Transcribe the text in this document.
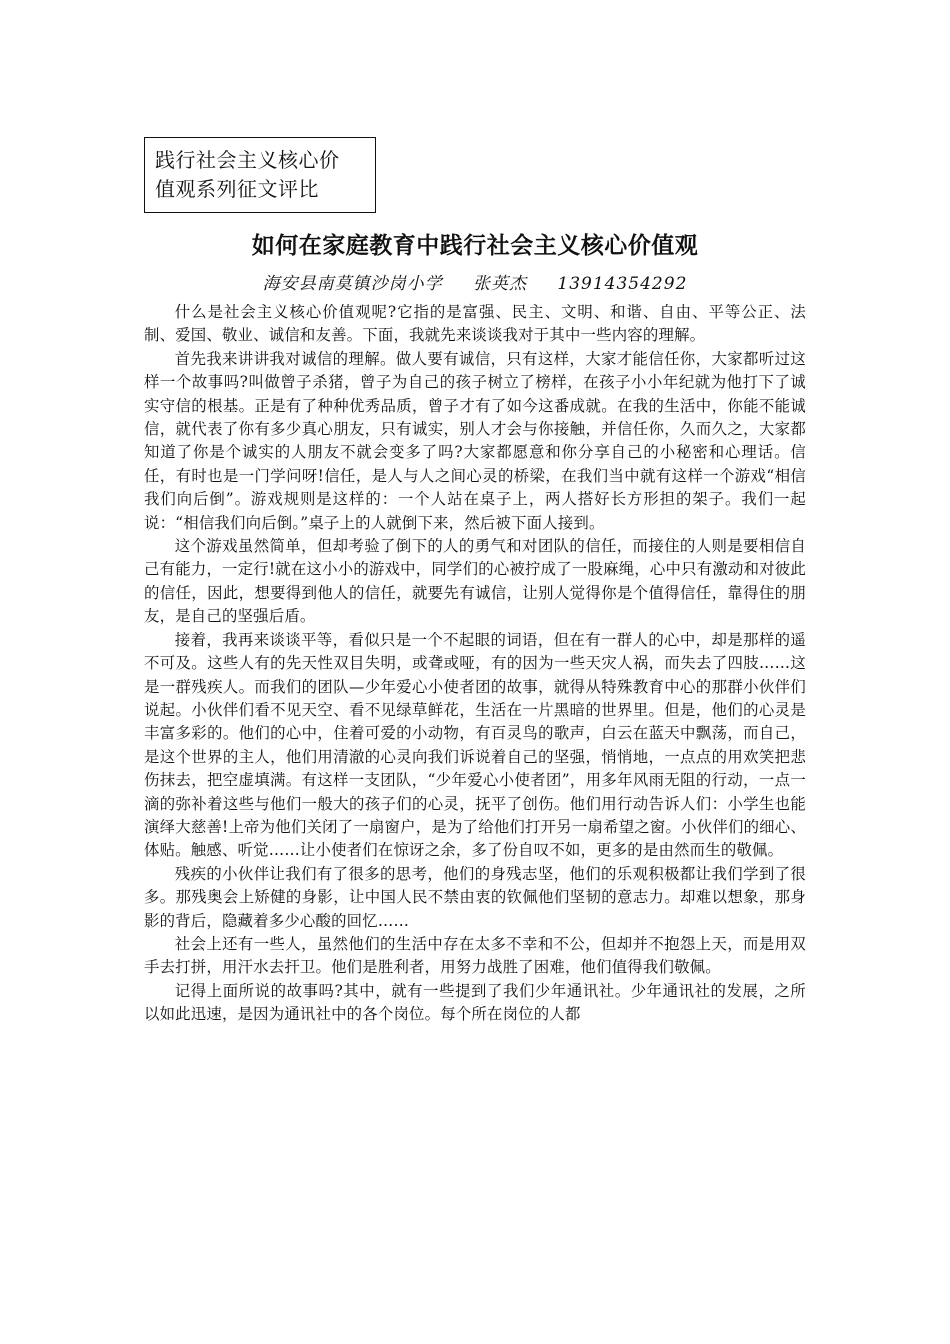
践行社会主义核心价
值观系列征文评比
如何在家庭教育中践行社会主义核心价值观
海安县南莫镇沙岗小学 张英杰 13914354292

什么是社会主义核心价值观呢?它指的是富强、民主、文明、和谐、自由、平等公正、法制、爱国、敬业、诚信和友善。下面，我就先来谈谈我对于其中一些内容的理解。

首先我来讲讲我对诚信的理解。做人要有诚信，只有这样，大家才能信任你，大家都听过这样一个故事吗?叫做曾子杀猪，曾子为自己的孩子树立了榜样，在孩子小小年纪就为他打下了诚实守信的根基。正是有了种种优秀品质，曾子才有了如今这番成就。在我的生活中，你能不能诚信，就代表了你有多少真心朋友，只有诚实，别人才会与你接触，并信任你，久而久之，大家都知道了你是个诚实的人朋友不就会变多了吗?大家都愿意和你分享自己的小秘密和心理话。信任，有时也是一门学问呀!信任，是人与人之间心灵的桥梁，在我们当中就有这样一个游戏“相信我们向后倒”。游戏规则是这样的：一个人站在桌子上，两人搭好长方形担的架子。我们一起说：“相信我们向后倒。”桌子上的人就倒下来，然后被下面人接到。

这个游戏虽然简单，但却考验了倒下的人的勇气和对团队的信任，而接住的人则是要相信自己有能力，一定行!就在这小小的游戏中，同学们的心被拧成了一股麻绳，心中只有激动和对彼此的信任，因此，想要得到他人的信任，就要先有诚信，让别人觉得你是个值得信任，靠得住的朋友，是自己的坚强后盾。

接着，我再来谈谈平等，看似只是一个不起眼的词语，但在有一群人的心中，却是那样的遥不可及。这些人有的先天性双目失明，或聋或哑，有的因为一些天灾人祸，而失去了四肢……这是一群残疾人。而我们的团队—少年爱心小使者团的故事，就得从特殊教育中心的那群小伙伴们说起。小伙伴们看不见天空、看不见绿草鲜花，生活在一片黑暗的世界里。但是，他们的心灵是丰富多彩的。他们的心中，住着可爱的小动物，有百灵鸟的歌声，白云在蓝天中飘荡，而自己，是这个世界的主人，他们用清澈的心灵向我们诉说着自己的坚强，悄悄地，一点点的用欢笑把悲伤抹去，把空虚填满。有这样一支团队，“少年爱心小使者团”，用多年风雨无阻的行动，一点一滴的弥补着这些与他们一般大的孩子们的心灵，抚平了创伤。他们用行动告诉人们：小学生也能演绎大慈善!上帝为他们关闭了一扇窗户，是为了给他们打开另一扇希望之窗。小伙伴们的细心、体贴。触感、听觉……让小使者们在惊讶之余，多了份自叹不如，更多的是由然而生的敬佩。

残疾的小伙伴让我们有了很多的思考，他们的身残志坚，他们的乐观积极都让我们学到了很多。那残奥会上矫健的身影，让中国人民不禁由衷的钦佩他们坚韧的意志力。却难以想象，那身影的背后，隐藏着多少心酸的回忆……

社会上还有一些人，虽然他们的生活中存在太多不幸和不公，但却并不抱怨上天，而是用双手去打拼，用汗水去扞卫。他们是胜利者，用努力战胜了困难，他们值得我们敬佩。

记得上面所说的故事吗?其中，就有一些提到了我们少年通讯社。少年通讯社的发展，之所以如此迅速，是因为通讯社中的各个岗位。每个所在岗位的人都
